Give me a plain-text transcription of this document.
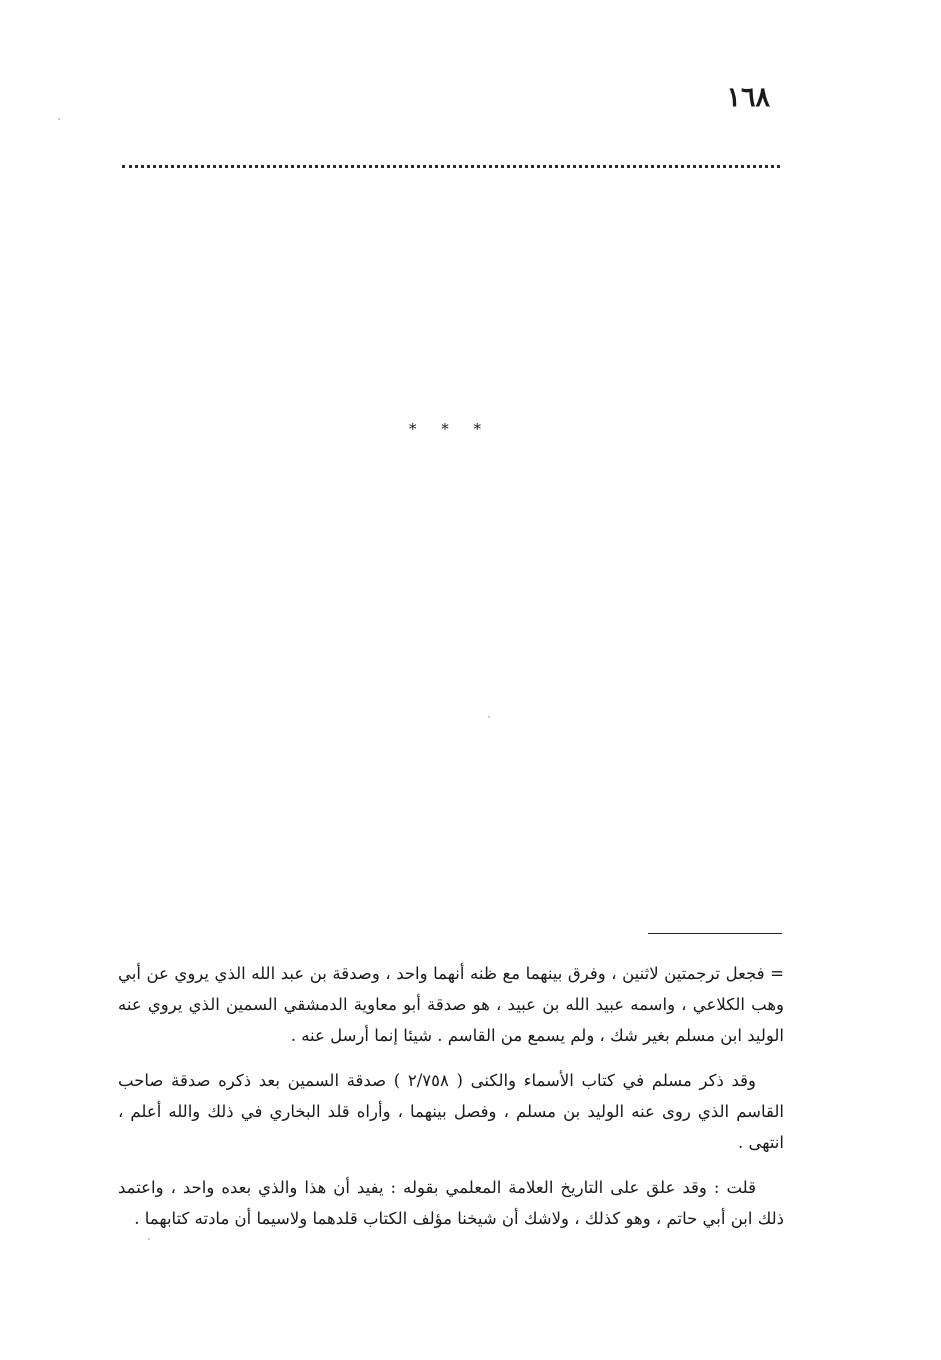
١٦٨
* * *

= فجعل ترجمتين لاثنين ، وفرق بينهما مع ظنه أنهما واحد ، وصدقة بن عبد الله الذي يروي عن أبي وهب الكلاعي ، واسمه عبيد الله بن عبيد ، هو صدقة أبو معاوية الدمشقي السمين الذي يروي عنه الوليد ابن مسلم بغير شك ، ولم يسمع من القاسم . شيئا إنما أرسل عنه .

وقد ذكر مسلم في كتاب الأسماء والكنى ( ٢/٧٥٨ ) صدقة السمين بعد ذكره صدقة صاحب القاسم الذي روى عنه الوليد بن مسلم ، وفصل بينهما ، وأراه قلد البخاري في ذلك والله أعلم ، انتهى .

قلت : وقد علق على التاريخ العلامة المعلمي بقوله : يفيد أن هذا والذي بعده واحد ، واعتمد ذلك ابن أبي حاتم ، وهو كذلك ، ولاشك أن شيخنا مؤلف الكتاب قلدهما ولاسيما أن مادته كتابهما .
